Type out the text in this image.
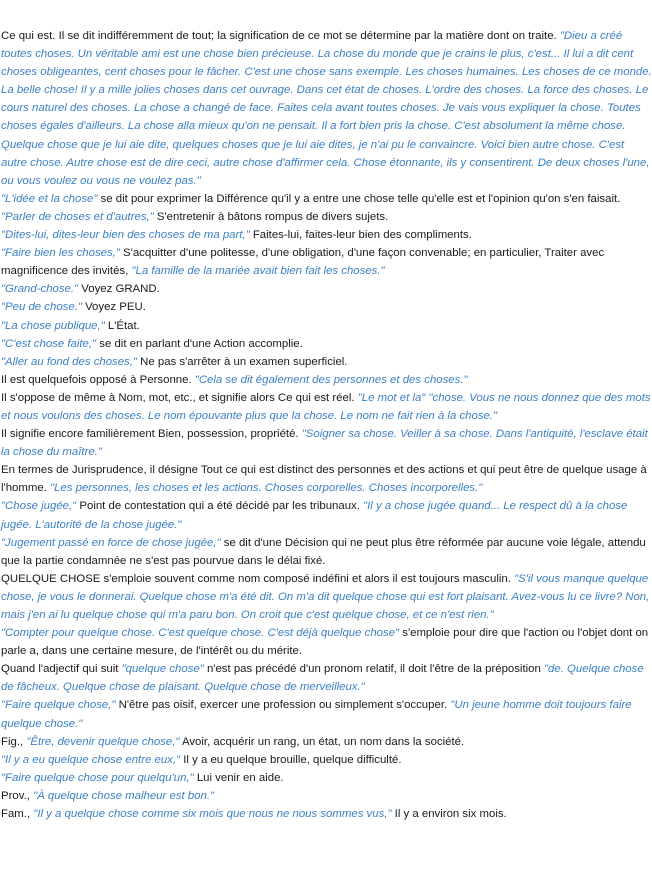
Ce qui est. Il se dit indifféremment de tout; la signification de ce mot se détermine par la matière dont on traite. "Dieu a créé toutes choses. Un véritable ami est une chose bien précieuse. La chose du monde que je crains le plus, c'est... Il lui a dit cent choses obligeantes, cent choses pour le fâcher. C'est une chose sans exemple. Les choses humaines. Les choses de ce monde. La belle chose! Il y a mille jolies choses dans cet ouvrage. Dans cet état de choses. L'ordre des choses. La force des choses. Le cours naturel des choses. La chose a changé de face. Faites cela avant toutes choses. Je vais vous expliquer la chose. Toutes choses égales d'ailleurs. La chose alla mieux qu'on ne pensait. Il a fort bien pris la chose. C'est absolument la même chose. Quelque chose que je lui aie dite, quelques choses que je lui aie dites, je n'ai pu le convaincre. Voici bien autre chose. C'est autre chose. Autre chose est de dire ceci, autre chose d'affirmer cela. Chose étonnante, ils y consentirent. De deux choses l'une, ou vous voulez ou vous ne voulez pas."

"L'idée et la chose" se dit pour exprimer la Différence qu'il y a entre une chose telle qu'elle est et l'opinion qu'on s'en faisait.

"Parler de choses et d'autres," S'entretenir à bâtons rompus de divers sujets.

"Dites-lui, dites-leur bien des choses de ma part," Faites-lui, faites-leur bien des compliments.

"Faire bien les choses," S'acquitter d'une politesse, d'une obligation, d'une façon convenable; en particulier, Traiter avec magnificence des invités, "La famille de la mariée avait bien fait les choses."

"Grand-chose." Voyez GRAND.

"Peu de chose." Voyez PEU.

"La chose publique," L'État.

"C'est chose faite," se dit en parlant d'une Action accomplie.

"Aller au fond des choses," Ne pas s'arrêter à un examen superficiel.

Il est quelquefois opposé à Personne. "Cela se dit également des personnes et des choses."

Il s'oppose de même à Nom, mot, etc., et signifie alors Ce qui est réel. "Le mot et la" "chose. Vous ne nous donnez que des mots et nous voulons des choses. Le nom épouvante plus que la chose. Le nom ne fait rien à la chose."

Il signifie encore familièrement Bien, possession, propriété. "Soigner sa chose. Veiller à sa chose. Dans l'antiquité, l'esclave était la chose du maître."

En termes de Jurisprudence, il désigne Tout ce qui est distinct des personnes et des actions et qui peut être de quelque usage à l'homme. "Les personnes, les choses et les actions. Choses corporelles. Choses incorporelles."

"Chose jugée," Point de contestation qui a été décidé par les tribunaux. "Il y a chose jugée quand... Le respect dû à la chose jugée. L'autorité de la chose jugée."

"Jugement passé en force de chose jugée," se dit d'une Décision qui ne peut plus être réformée par aucune voie légale, attendu que la partie condamnée ne s'est pas pourvue dans le délai fixé.

QUELQUE CHOSE s'emploie souvent comme nom composé indéfini et alors il est toujours masculin. "S'il vous manque quelque chose, je vous le donnerai. Quelque chose m'a été dit. On m'a dit quelque chose qui est fort plaisant. Avez-vous lu ce livre? Non, mais j'en ai lu quelque chose qui m'a paru bon. On croit que c'est quelque chose, et ce n'est rien."

"Compter pour quelque chose. C'est quelque chose. C'est déjà quelque chose" s'emploie pour dire que l'action ou l'objet dont on parle a, dans une certaine mesure, de l'intérêt ou du mérite.

Quand l'adjectif qui suit "quelque chose" n'est pas précédé d'un pronom relatif, il doit l'être de la préposition "de. Quelque chose de fâcheux. Quelque chose de plaisant. Quelque chose de merveilleux."

"Faire quelque chose," N'être pas oisif, exercer une profession ou simplement s'occuper. "Un jeune homme doit toujours faire quelque chose."

Fig., "Être, devenir quelque chose," Avoir, acquérir un rang, un état, un nom dans la société.

"Il y a eu quelque chose entre eux," Il y a eu quelque brouille, quelque difficulté.

"Faire quelque chose pour quelqu'un," Lui venir en aide.

Prov., "À quelque chose malheur est bon."

Fam., "Il y a quelque chose comme six mois que nous ne nous sommes vus," Il y a environ six mois.
